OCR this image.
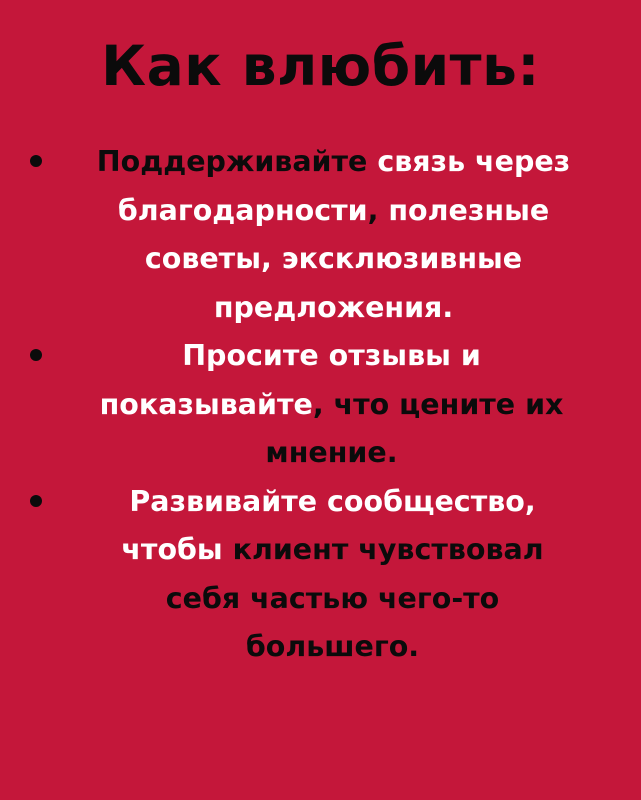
Как влюбить:
Поддерживайте связь через благодарности, полезные советы, эксклюзивные предложения.
Просите отзывы и показывайте, что цените их мнение.
Развивайте сообщество, чтобы клиент чувствовал себя частью чего-то большего.
